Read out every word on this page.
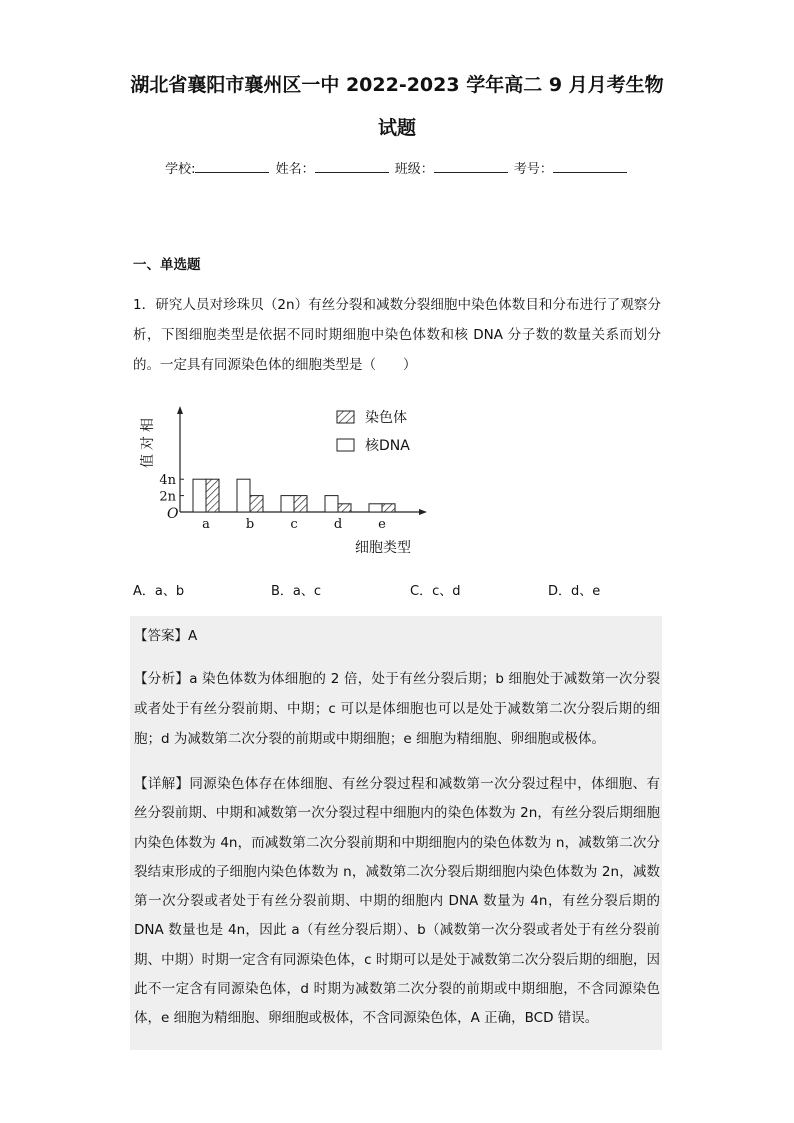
湖北省襄阳市襄州区一中 2022-2023 学年高二 9 月月考生物
试题
学校:	姓名：	班级：	考号：
一、单选题
1．研究人员对珍珠贝（2n）有丝分裂和减数分裂细胞中染色体数目和分布进行了观察分析，下图细胞类型是依据不同时期细胞中染色体数和核 DNA 分子数的数量关系而划分的。一定具有同源染色体的细胞类型是（　　）
O
2n
4n
相
对
值
a	b	c	d	e
细胞类型
染色体
核DNA
A．a、b	B．a、c	C．c、d	D．d、e
【答案】A
【分析】a 染色体数为体细胞的 2 倍，处于有丝分裂后期；b 细胞处于减数第一次分裂或者处于有丝分裂前期、中期；c 可以是体细胞也可以是处于减数第二次分裂后期的细胞；d 为减数第二次分裂的前期或中期细胞；e 细胞为精细胞、卵细胞或极体。
【详解】同源染色体存在体细胞、有丝分裂过程和减数第一次分裂过程中，体细胞、有丝分裂前期、中期和减数第一次分裂过程中细胞内的染色体数为 2n，有丝分裂后期细胞内染色体数为 4n，而减数第二次分裂前期和中期细胞内的染色体数为 n，减数第二次分裂结束形成的子细胞内染色体数为 n，减数第二次分裂后期细胞内染色体数为 2n，减数第一次分裂或者处于有丝分裂前期、中期的细胞内 DNA 数量为 4n，有丝分裂后期的 DNA 数量也是 4n，因此 a（有丝分裂后期）、b（减数第一次分裂或者处于有丝分裂前期、中期）时期一定含有同源染色体，c 时期可以是处于减数第二次分裂后期的细胞，因此不一定含有同源染色体，d 时期为减数第二次分裂的前期或中期细胞，不含同源染色体，e 细胞为精细胞、卵细胞或极体，不含同源染色体，A 正确，BCD 错误。
